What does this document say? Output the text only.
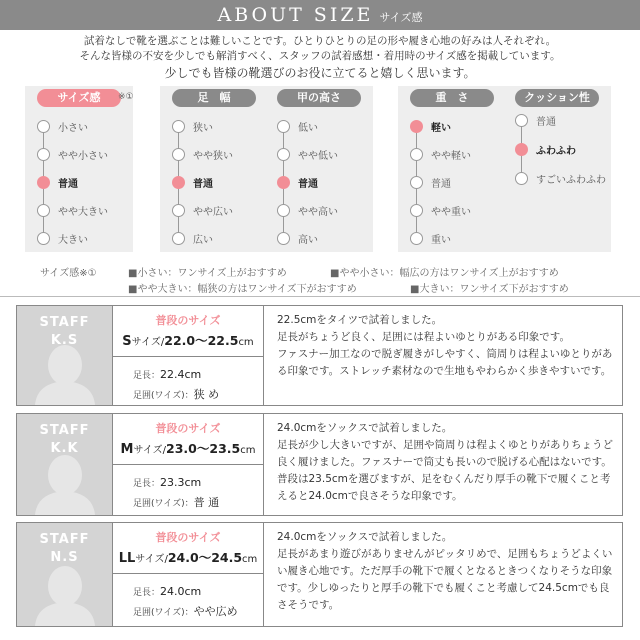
ABOUT SIZE サイズ感
試着なしで靴を選ぶことは難しいことです。ひとりひとりの足の形や履き心地の好みは人それぞれ。
そんな皆様の不安を少しでも解消すべく、スタッフの試着感想・着用時のサイズ感を掲載しています。
少しでも皆様の靴選びのお役に立てると嬉しく思います。
サイズ感	※①
小さい
やや小さい
普通
やや大きい
大きい
足　幅
狭い
やや狭い
普通
やや広い
広い
甲の高さ
低い
やや低い
普通
やや高い
高い
重　さ
軽い
やや軽い
普通
やや重い
重い
クッション性
普通
ふわふわ
すごいふわふわ
サイズ感※①	■小さい：ワンサイズ上がおすすめ	■やや小さい：幅広の方はワンサイズ上がおすすめ
■やや大きい：幅狭の方はワンサイズ下がおすすめ	■大きい：ワンサイズ下がおすすめ
STAFF
K.S
普段のサイズ
Sサイズ/22.0〜22.5cm
足長：22.4cm
足囲(ワイズ)：狭 め

22.5cmをタイツで試着しました。

足長がちょうど良く、足囲には程よいゆとりがある印象です。

ファスナー加工なので脱ぎ履きがしやすく、筒周りは程よいゆとりがあ

る印象です。ストレッチ素材なので生地もやわらかく歩きやすいです。

STAFF
K.K
普段のサイズ
Mサイズ/23.0〜23.5cm
足長：23.3cm
足囲(ワイズ)：普 通

24.0cmをソックスで試着しました。

足長が少し大きいですが、足囲や筒周りは程よくゆとりがありちょうど

良く履けました。ファスナーで筒丈も長いので脱げる心配はないです。

普段は23.5cmを選びますが、足をむくんだり厚手の靴下で履くこと考

えると24.0cmで良さそうな印象です。

STAFF
N.S
普段のサイズ
LLサイズ/24.0〜24.5cm
足長：24.0cm
足囲(ワイズ)：やや広め

24.0cmをソックスで試着しました。

足長があまり遊びがありませんがピッタリめで、足囲もちょうどよくい

い履き心地です。ただ厚手の靴下で履くとなるときつくなりそうな印象

です。少しゆったりと厚手の靴下でも履くこと考慮して24.5cmでも良

さそうです。
